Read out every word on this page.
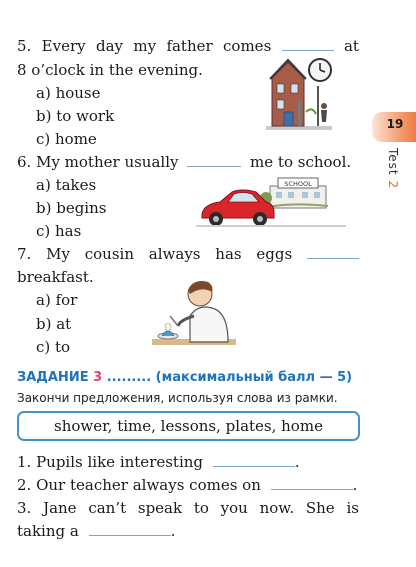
5. Every day my father comes	at
8 o’clock in the evening.
a) house
b) to work
c) home
6. My mother usually	me to school.
a) takes
b) begins
c) has
SCHOOL
7. My cousin always has eggs
breakfast.
a) for
b) at
c) to
19
Test 2
ЗАДАНИЕ 3 ......... (максимальный балл — 5)
Закончи предложения, используя слова из рамки.
shower, time, lessons, plates, home
1. Pupils like interesting	.
2. Our teacher always comes on	.
3. Jane can’t speak to you now. She is
taking a	.
